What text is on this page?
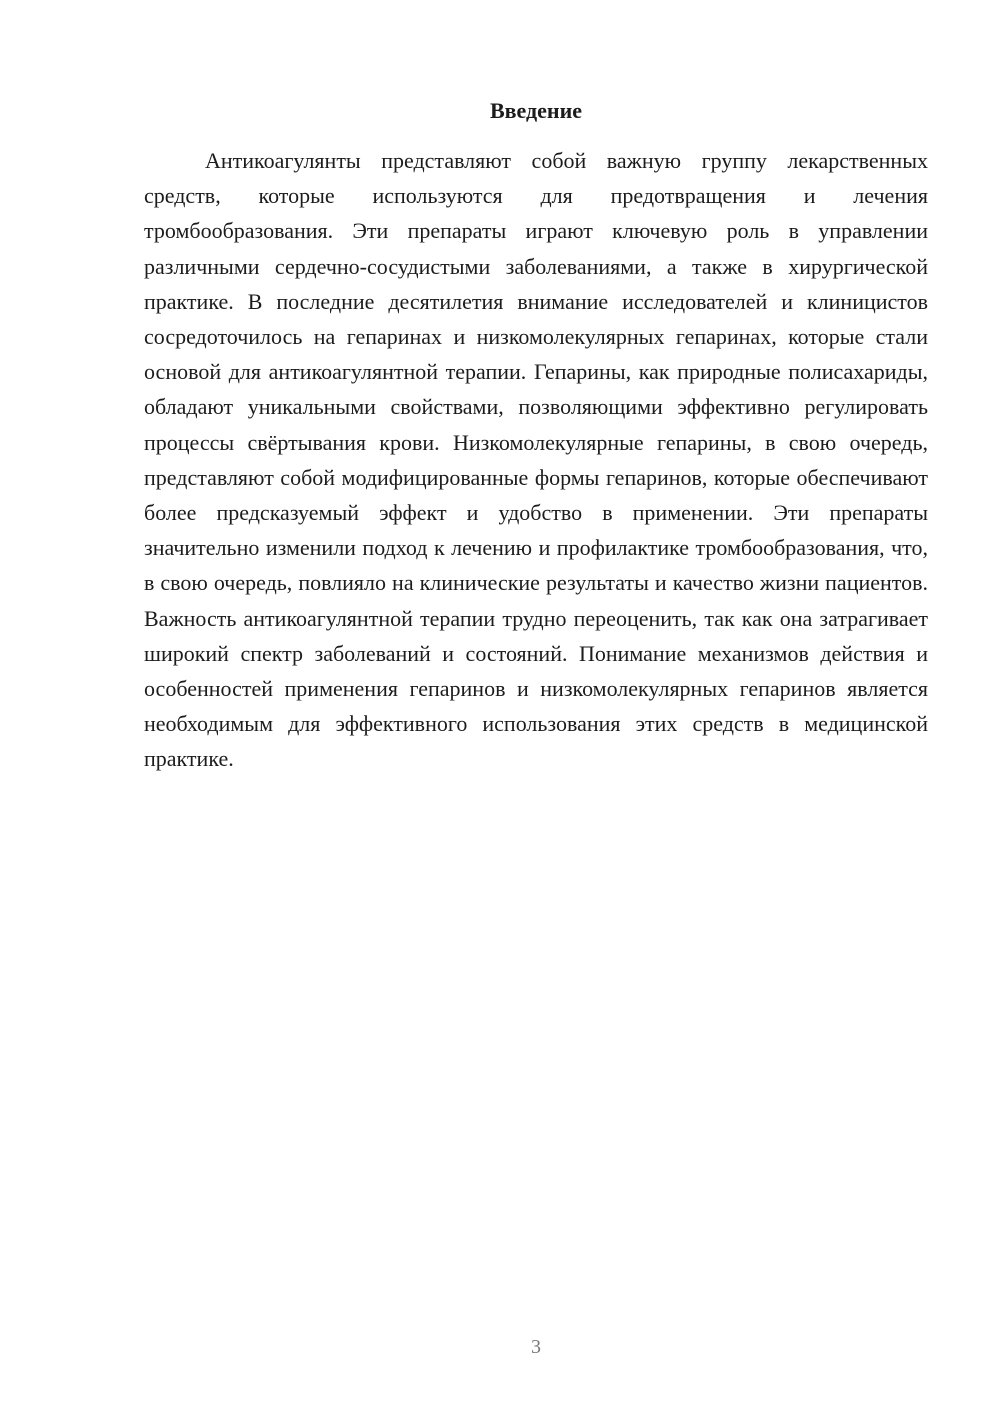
Введение

Антикоагулянты представляют собой важную группу лекарственных средств, которые используются для предотвращения и лечения тромбообразования. Эти препараты играют ключевую роль в управлении различными сердечно-сосудистыми заболеваниями, а также в хирургической практике. В последние десятилетия внимание исследователей и клиницистов сосредоточилось на гепаринах и низкомолекулярных гепаринах, которые стали основой для антикоагулянтной терапии. Гепарины, как природные полисахариды, обладают уникальными свойствами, позволяющими эффективно регулировать процессы свёртывания крови. Низкомолекулярные гепарины, в свою очередь, представляют собой модифицированные формы гепаринов, которые обеспечивают более предсказуемый эффект и удобство в применении. Эти препараты значительно изменили подход к лечению и профилактике тромбообразования, что, в свою очередь, повлияло на клинические результаты и качество жизни пациентов. Важность антикоагулянтной терапии трудно переоценить, так как она затрагивает широкий спектр заболеваний и состояний. Понимание механизмов действия и особенностей применения гепаринов и низкомолекулярных гепаринов является необходимым для эффективного использования этих средств в медицинской практике.

3
